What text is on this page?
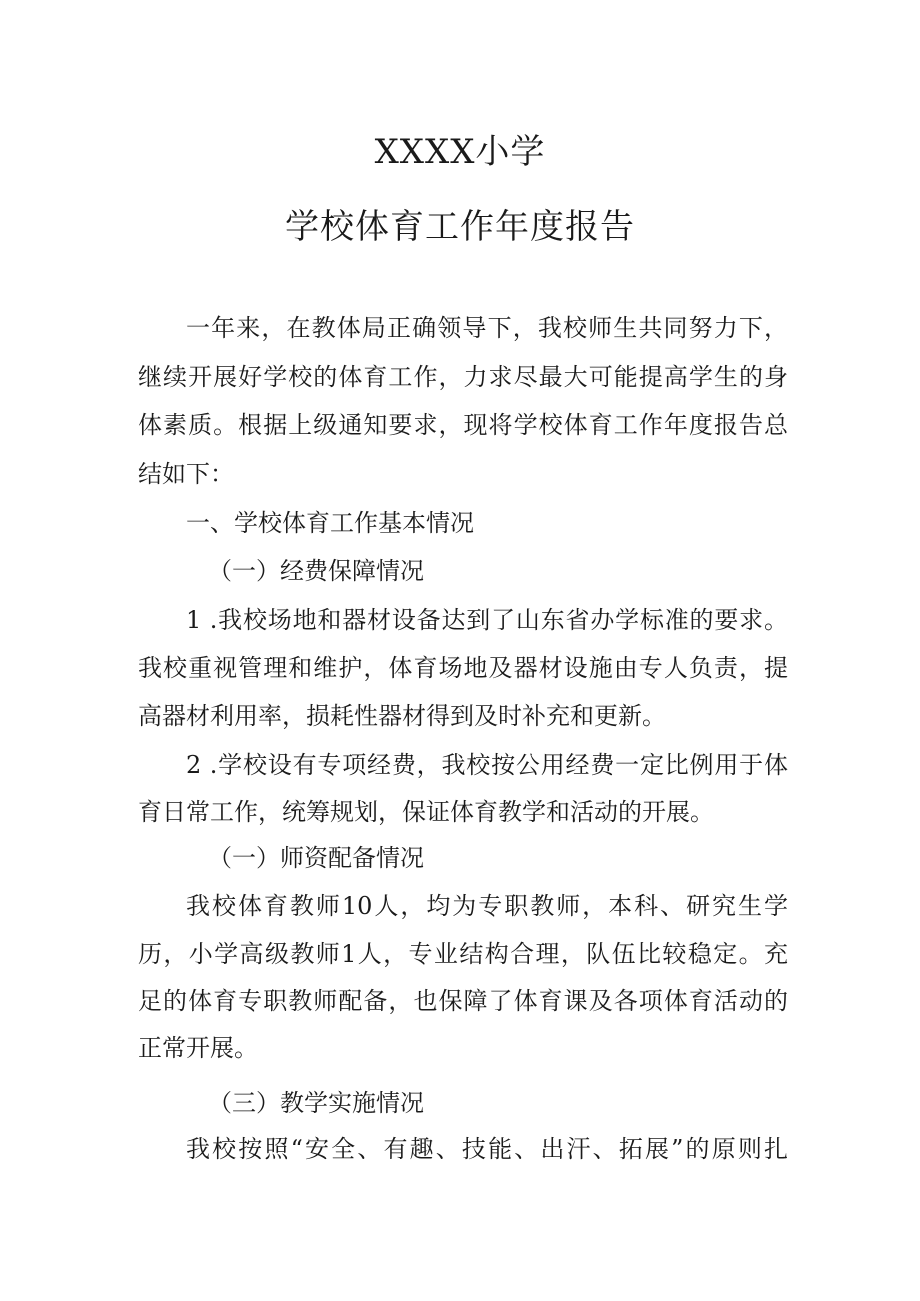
XXXX小学
学校体育工作年度报告
一年来，在教体局正确领导下，我校师生共同努力下，
继续开展好学校的体育工作，力求尽最大可能提高学生的身
体素质。根据上级通知要求，现将学校体育工作年度报告总
结如下：
一、学校体育工作基本情况
（一）经费保障情况
1 .我校场地和器材设备达到了山东省办学标准的要求。
我校重视管理和维护，体育场地及器材设施由专人负责，提
高器材利用率，损耗性器材得到及时补充和更新。
2 .学校设有专项经费，我校按公用经费一定比例用于体
育日常工作，统筹规划，保证体育教学和活动的开展。
（一）师资配备情况
我校体育教师10人，均为专职教师，本科、研究生学
历，小学高级教师1人，专业结构合理，队伍比较稳定。充
足的体育专职教师配备，也保障了体育课及各项体育活动的
正常开展。
（三）教学实施情况
我校按照“安全、有趣、技能、出汗、拓展”的原则扎
